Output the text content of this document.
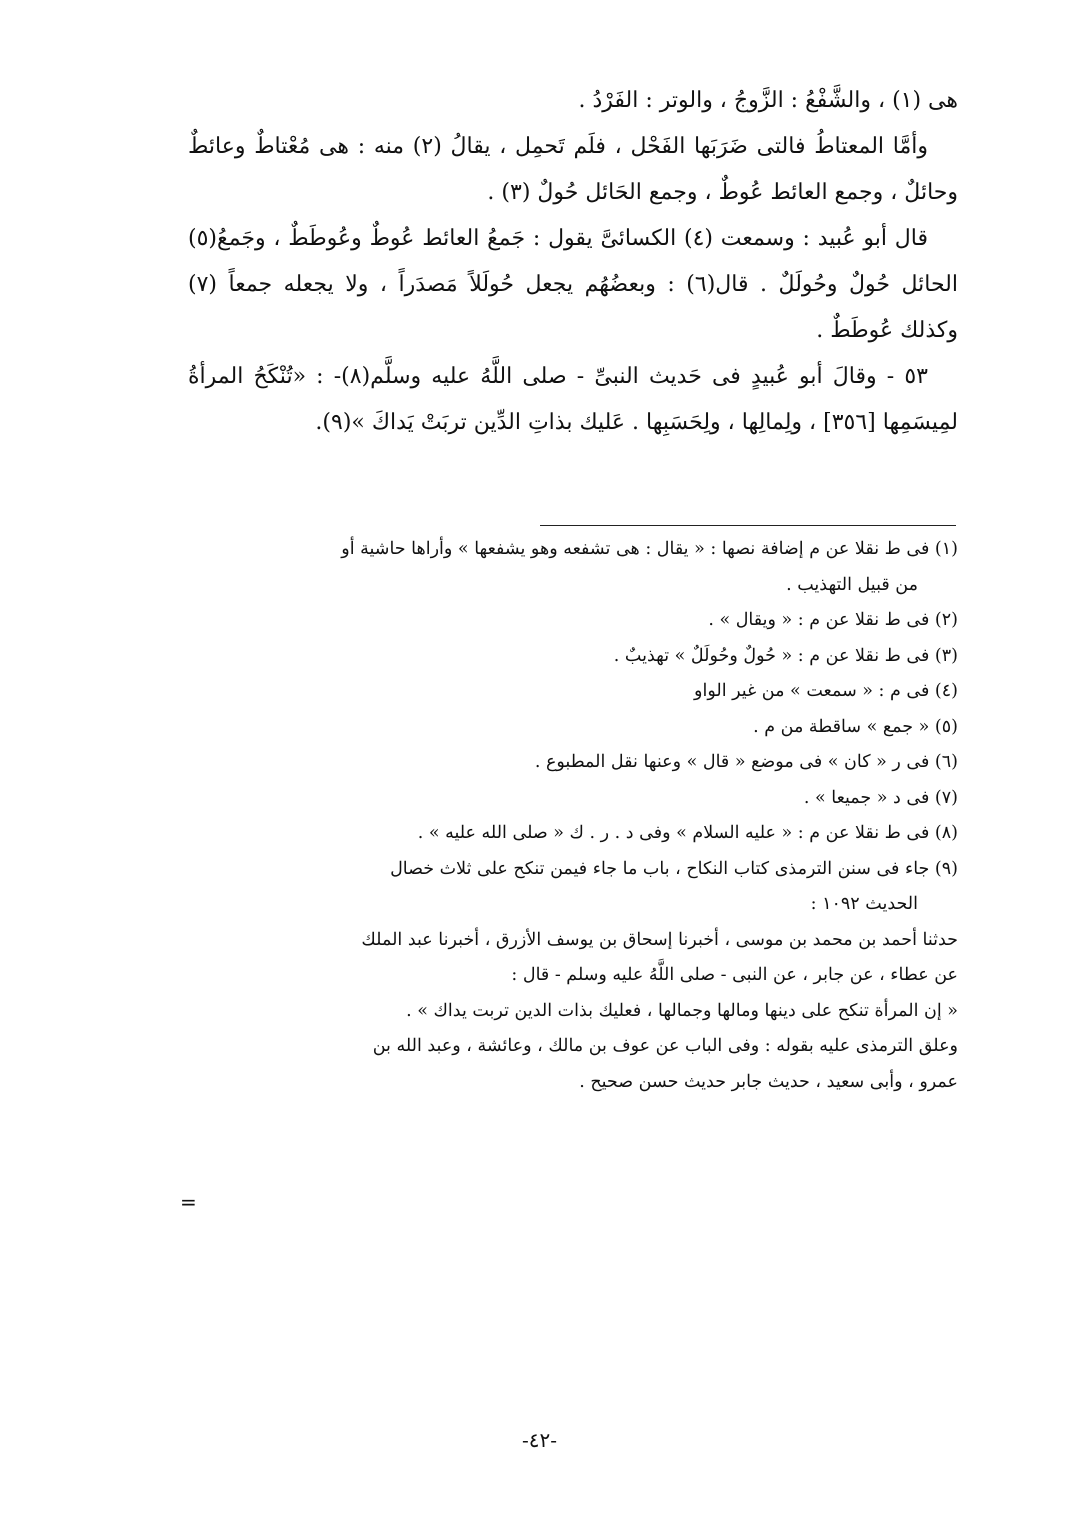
هى (١) ، والشَّفْعُ : الزَّوجُ ، والوتر : الفَرْدُ .

وأمَّا المعتاطُ فالتى ضَرَبَها الفَحْل ، فلَم تَحمِل ، يقالُ (٢) منه : هى مُعْتاطٌ وعائطٌ وحائلٌ ، وجمع العائط عُوطٌ ، وجمع الحَائل حُولٌ (٣) .

قال أبو عُبيد : وسمعت (٤) الكسائىَّ يقول : جَمعُ العائط عُوطٌ وعُوطَطٌ ، وجَمعُ(٥) الحائل حُولٌ وحُولَلٌ . قال(٦) : وبعضُهُم يجعل حُولَلاً مَصدَراً ، ولا يجعله جمعاً (٧) وكذلك عُوطَطٌ .

٥٣ - وقالَ أبو عُبيدٍ فى حَديث النبىِّ - صلى اللَّهُ عليه وسلَّم(٨)- : «تُنْكَحُ المرأةُ لمِيسَمِها [٣٥٦] ، ولِمالِها ، ولِحَسَبِها . عَليك بذاتِ الدِّين تربَتْ يَداكَ »(٩).

(١) فى ط نقلا عن م إضافة نصها : « يقال : هى تشفعه وهو يشفعها » وأراها حاشية أو

من قبيل التهذيب .

(٢) فى ط نقلا عن م : « ويقال » .

(٣) فى ط نقلا عن م : « حُولٌ وحُولَلٌ » تهذيبٌ .

(٤) فى م : « سمعت » من غير الواو

(٥) « جمع » ساقطة من م .

(٦) فى ر « كان » فى موضع « قال » وعنها نقل المطبوع .

(٧) فى د « جميعا » .

(٨) فى ط نقلا عن م : « عليه السلام » وفى د . ر . ك « صلى الله عليه » .

(٩) جاء فى سنن الترمذى كتاب النكاح ، باب ما جاء فيمن تنكح على ثلاث خصال

الحديث ١٠٩٢ :

حدثنا أحمد بن محمد بن موسى ، أخبرنا إسحاق بن يوسف الأزرق ، أخبرنا عبد الملك

عن عطاء ، عن جابر ، عن النبى - صلى اللَّهُ عليه وسلم - قال :

« إن المرأة تنكح على دينها ومالها وجمالها ، فعليك بذات الدين تربت يداك » .

وعلق الترمذى عليه بقوله : وفى الباب عن عوف بن مالك ، وعائشة ، وعبد الله بن

عمرو ، وأبى سعيد ، حديث جابر حديث حسن صحيح .

=
-٤٢-
